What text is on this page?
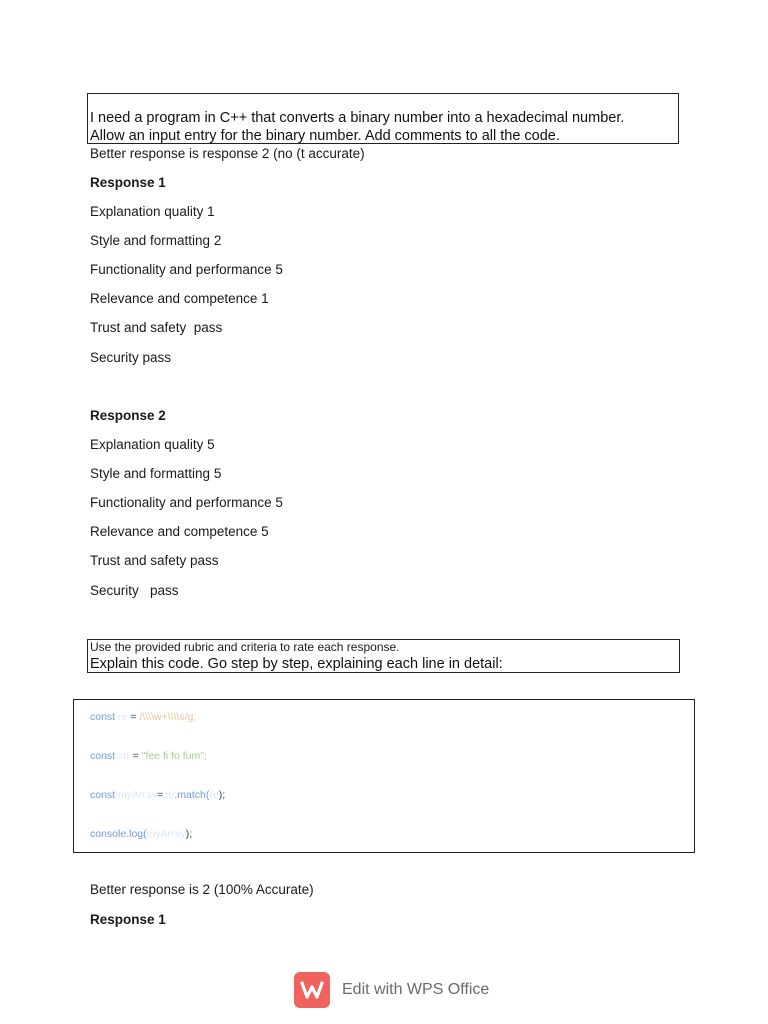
I need a program in C++ that converts a binary number into a hexadecimal number.
Allow an input entry for the binary number. Add comments to all the code.
Better response is response 2 (no (t accurate)
Response 1
Explanation quality 1
Style and formatting 2
Functionality and performance 5
Relevance and competence 1
Trust and safety  pass
Security pass
Response 2
Explanation quality 5
Style and formatting 5
Functionality and performance 5
Relevance and competence 5
Trust and safety pass
Security   pass
Use the provided rubric and criteria to rate each response.
Explain this code. Go step by step, explaining each line in detail:
const re = /\\\\w+\\\\s/g;
const str = "fee fi fo fum";
const myArray=str.match(re);
console.log(myArray);
Better response is 2 (100% Accurate)
Response 1
Edit with WPS Office
